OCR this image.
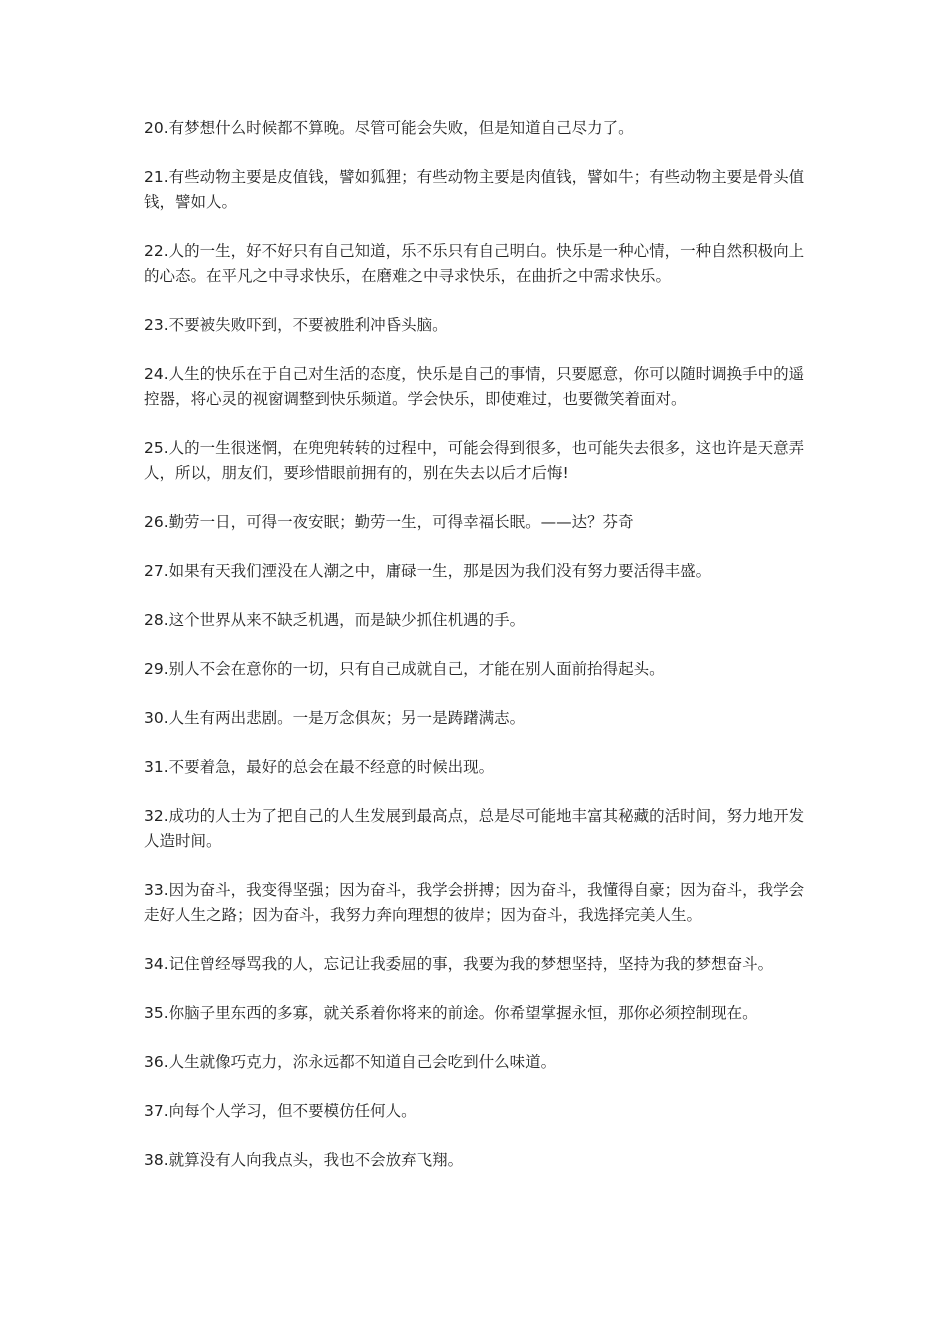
20.有梦想什么时候都不算晚。尽管可能会失败，但是知道自己尽力了。

21.有些动物主要是皮值钱，譬如狐狸；有些动物主要是肉值钱，譬如牛；有些动物主要是骨头值钱，譬如人。

22.人的一生，好不好只有自己知道，乐不乐只有自己明白。快乐是一种心情，一种自然积极向上的心态。在平凡之中寻求快乐，在磨难之中寻求快乐，在曲折之中需求快乐。

23.不要被失败吓到，不要被胜利冲昏头脑。

24.人生的快乐在于自己对生活的态度，快乐是自己的事情，只要愿意，你可以随时调换手中的遥控器，将心灵的视窗调整到快乐频道。学会快乐，即使难过，也要微笑着面对。

25.人的一生很迷惘，在兜兜转转的过程中，可能会得到很多，也可能失去很多，这也许是天意弄人，所以，朋友们，要珍惜眼前拥有的，别在失去以后才后悔!

26.勤劳一日，可得一夜安眠；勤劳一生，可得幸福长眠。——达？芬奇

27.如果有天我们湮没在人潮之中，庸碌一生，那是因为我们没有努力要活得丰盛。

28.这个世界从来不缺乏机遇，而是缺少抓住机遇的手。

29.别人不会在意你的一切，只有自己成就自己，才能在别人面前抬得起头。

30.人生有两出悲剧。一是万念俱灰；另一是踌躇满志。

31.不要着急，最好的总会在最不经意的时候出现。

32.成功的人士为了把自己的人生发展到最高点，总是尽可能地丰富其秘藏的活时间，努力地开发人造时间。

33.因为奋斗，我变得坚强；因为奋斗，我学会拼搏；因为奋斗，我懂得自豪；因为奋斗，我学会走好人生之路；因为奋斗，我努力奔向理想的彼岸；因为奋斗，我选择完美人生。

34.记住曾经辱骂我的人，忘记让我委屈的事，我要为我的梦想坚持，坚持为我的梦想奋斗。

35.你脑子里东西的多寡，就关系着你将来的前途。你希望掌握永恒，那你必须控制现在。

36.人生就像巧克力，沵永远都不知道自己会吃到什么味道。

37.向每个人学习，但不要模仿任何人。

38.就算没有人向我点头，我也不会放弃飞翔。
